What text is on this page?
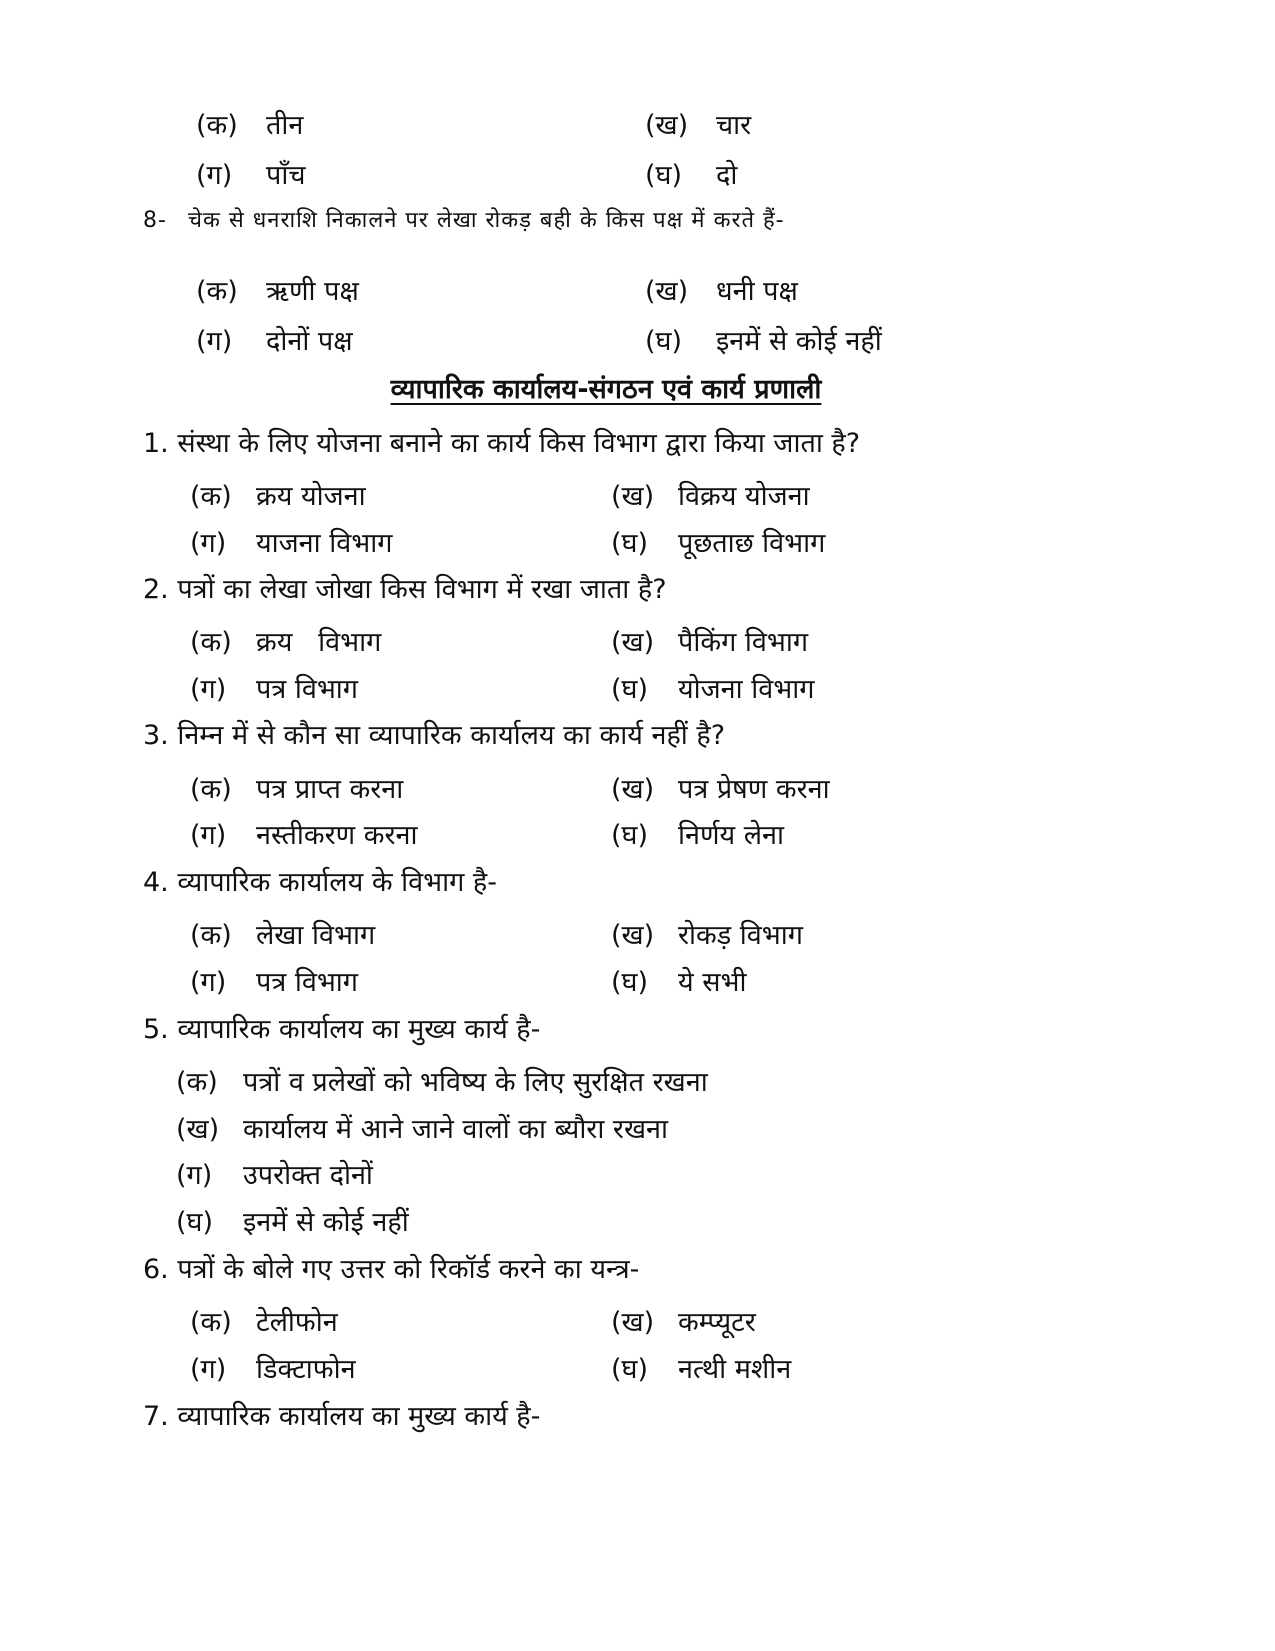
(क) तीन	(ख) चार
(ग) पाँच	(घ) दो
8- चेक से धनराशि निकालने पर लेखा रोकड़ बही के किस पक्ष में करते हैं-
(क) ऋणी पक्ष	(ख) धनी पक्ष
(ग) दोनों पक्ष	(घ) इनमें से कोई नहीं
व्यापारिक कार्यालय-संगठन एवं कार्य प्रणाली
1. संस्था के लिए योजना बनाने का कार्य किस विभाग द्वारा किया जाता है?
(क) क्रय योजना	(ख) विक्रय योजना
(ग) याजना विभाग	(घ) पूछताछ विभाग
2. पत्रों का लेखा जोखा किस विभाग में रखा जाता है?
(क) क्रय   विभाग	(ख) पैकिंग विभाग
(ग) पत्र विभाग	(घ) योजना विभाग
3. निम्न में से कौन सा व्यापारिक कार्यालय का कार्य नहीं है?
(क) पत्र प्राप्त करना	(ख) पत्र प्रेषण करना
(ग) नस्तीकरण करना	(घ) निर्णय लेना
4. व्यापारिक कार्यालय के विभाग है-
(क) लेखा विभाग	(ख) रोकड़ विभाग
(ग) पत्र विभाग	(घ) ये सभी
5. व्यापारिक कार्यालय का मुख्य कार्य है-
(क) पत्रों व प्रलेखों को भविष्य के लिए सुरक्षित रखना
(ख) कार्यालय में आने जाने वालों का ब्यौरा रखना
(ग) उपरोक्त दोनों
(घ) इनमें से कोई नहीं
6. पत्रों के बोले गए उत्तर को रिकॉर्ड करने का यन्त्र-
(क) टेलीफोन	(ख) कम्प्यूटर
(ग) डिक्टाफोन	(घ) नत्थी मशीन
7. व्यापारिक कार्यालय का मुख्य कार्य है-
